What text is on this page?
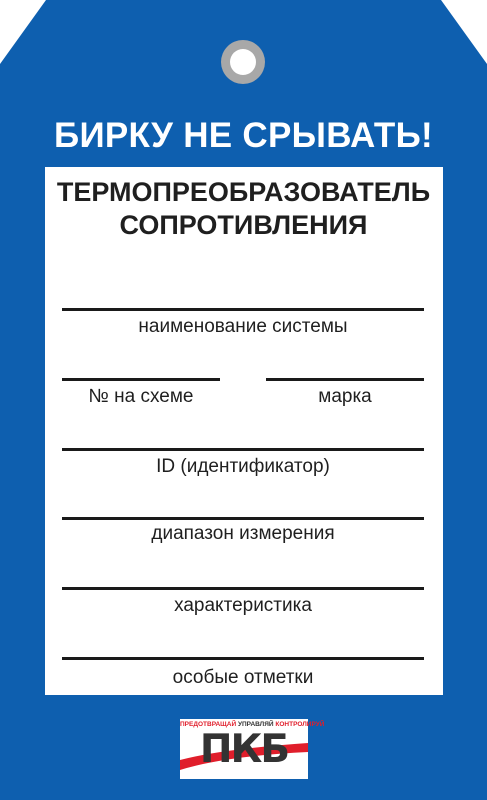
БИРКУ НЕ СРЫВАТЬ!
ТЕРМОПРЕОБРАЗОВАТЕЛЬ
СОПРОТИВЛЕНИЯ
наименование системы
№ на схеме	марка
ID (идентификатор)
диапазон измерения
характеристика
особые отметки
ПРЕДОТВРАЩАЙ УПРАВЛЯЙ КОНТРОЛИРУЙ
ПКБ
